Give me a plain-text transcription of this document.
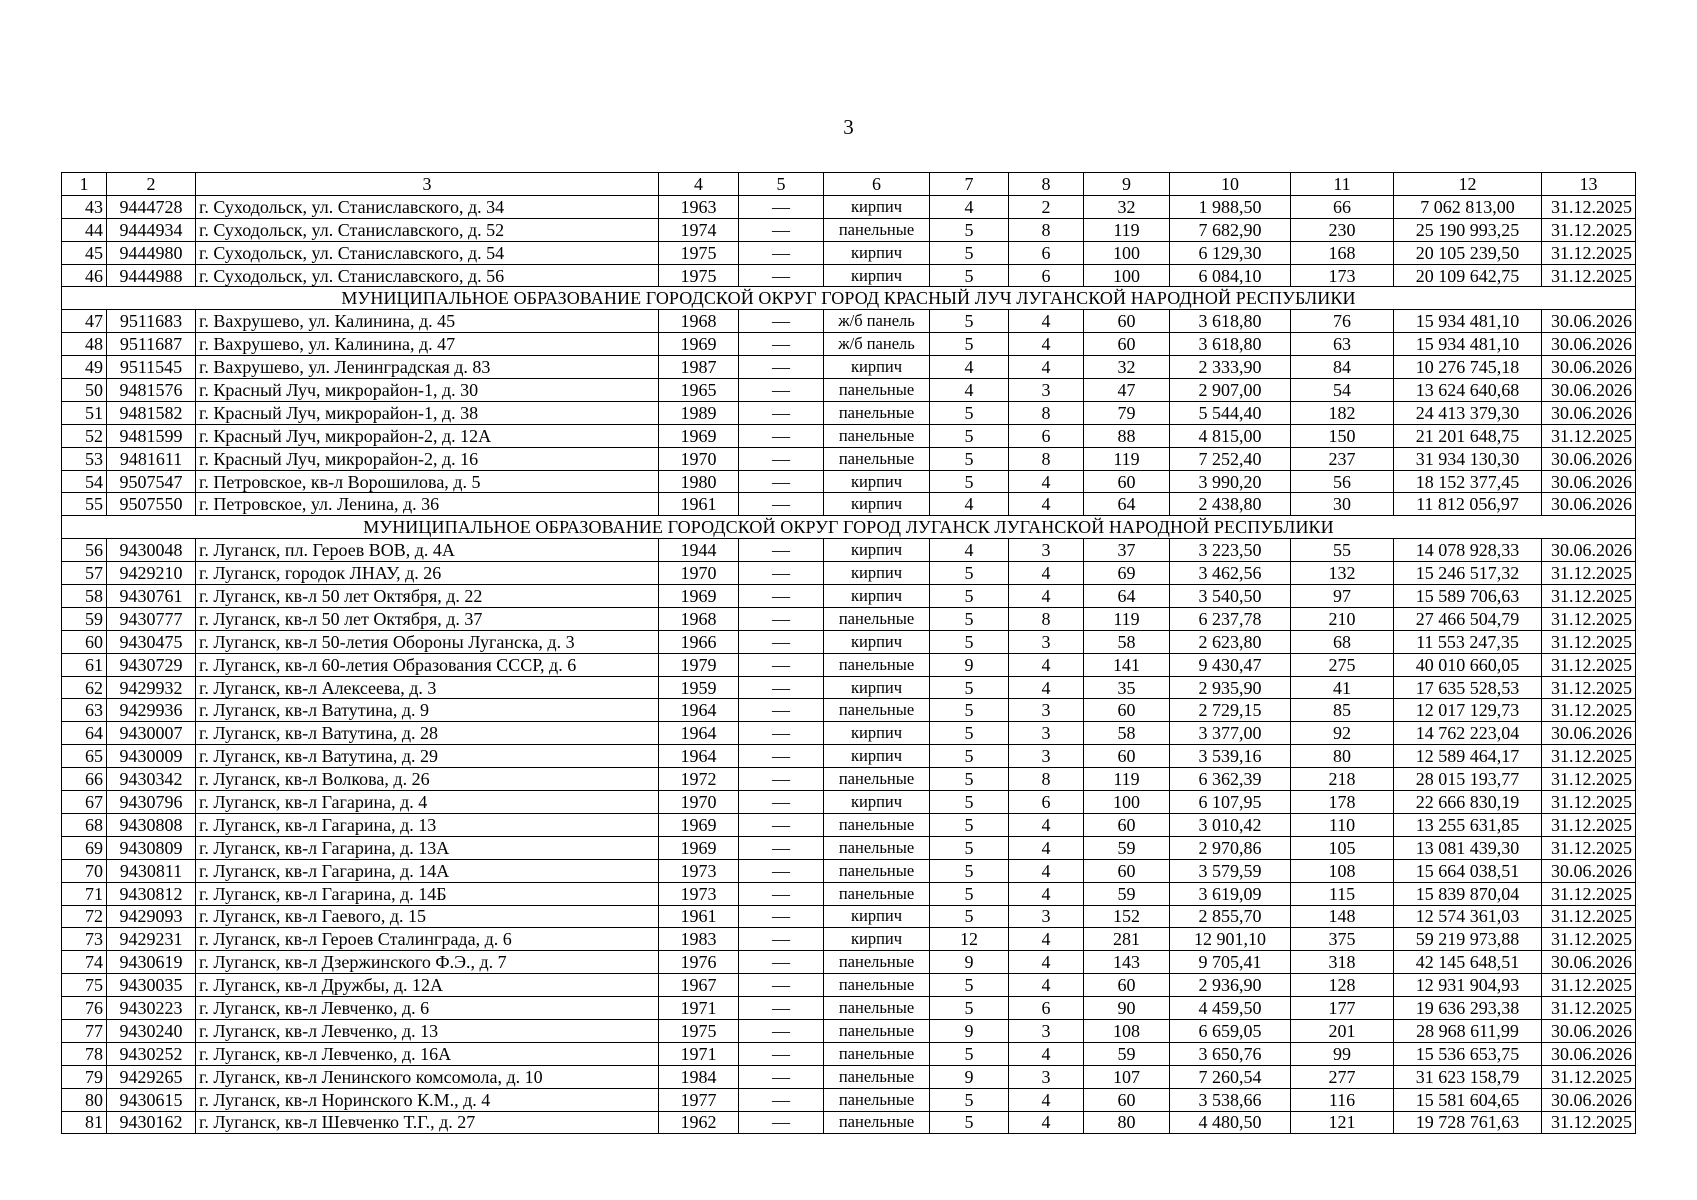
3
1	2	3	4	5	6	7	8	9	10	11	12	13
43	9444728	г. Суходольск, ул. Станиславского, д. 34	1963	—	кирпич	4	2	32	1 988,50	66	7 062 813,00	31.12.2025
44	9444934	г. Суходольск, ул. Станиславского, д. 52	1974	—	панельные	5	8	119	7 682,90	230	25 190 993,25	31.12.2025
45	9444980	г. Суходольск, ул. Станиславского, д. 54	1975	—	кирпич	5	6	100	6 129,30	168	20 105 239,50	31.12.2025
46	9444988	г. Суходольск, ул. Станиславского, д. 56	1975	—	кирпич	5	6	100	6 084,10	173	20 109 642,75	31.12.2025
МУНИЦИПАЛЬНОЕ ОБРАЗОВАНИЕ ГОРОДСКОЙ ОКРУГ ГОРОД КРАСНЫЙ ЛУЧ ЛУГАНСКОЙ НАРОДНОЙ РЕСПУБЛИКИ												
47	9511683	г. Вахрушево, ул. Калинина, д. 45	1968	—	ж/б панель	5	4	60	3 618,80	76	15 934 481,10	30.06.2026
48	9511687	г. Вахрушево, ул. Калинина, д. 47	1969	—	ж/б панель	5	4	60	3 618,80	63	15 934 481,10	30.06.2026
49	9511545	г. Вахрушево, ул. Ленинградская д. 83	1987	—	кирпич	4	4	32	2 333,90	84	10 276 745,18	30.06.2026
50	9481576	г. Красный Луч, микрорайон-1, д. 30	1965	—	панельные	4	3	47	2 907,00	54	13 624 640,68	30.06.2026
51	9481582	г. Красный Луч, микрорайон-1, д. 38	1989	—	панельные	5	8	79	5 544,40	182	24 413 379,30	30.06.2026
52	9481599	г. Красный Луч, микрорайон-2, д. 12А	1969	—	панельные	5	6	88	4 815,00	150	21 201 648,75	31.12.2025
53	9481611	г. Красный Луч, микрорайон-2, д. 16	1970	—	панельные	5	8	119	7 252,40	237	31 934 130,30	30.06.2026
54	9507547	г. Петровское, кв-л Ворошилова, д. 5	1980	—	кирпич	5	4	60	3 990,20	56	18 152 377,45	30.06.2026
55	9507550	г. Петровское, ул. Ленина, д. 36	1961	—	кирпич	4	4	64	2 438,80	30	11 812 056,97	30.06.2026
МУНИЦИПАЛЬНОЕ ОБРАЗОВАНИЕ ГОРОДСКОЙ ОКРУГ ГОРОД ЛУГАНСК ЛУГАНСКОЙ НАРОДНОЙ РЕСПУБЛИКИ												
56	9430048	г. Луганск, пл. Героев ВОВ, д. 4А	1944	—	кирпич	4	3	37	3 223,50	55	14 078 928,33	30.06.2026
57	9429210	г. Луганск, городок ЛНАУ, д. 26	1970	—	кирпич	5	4	69	3 462,56	132	15 246 517,32	31.12.2025
58	9430761	г. Луганск, кв-л 50 лет Октября, д. 22	1969	—	кирпич	5	4	64	3 540,50	97	15 589 706,63	31.12.2025
59	9430777	г. Луганск, кв-л 50 лет Октября, д. 37	1968	—	панельные	5	8	119	6 237,78	210	27 466 504,79	31.12.2025
60	9430475	г. Луганск, кв-л 50-летия Обороны Луганска, д. 3	1966	—	кирпич	5	3	58	2 623,80	68	11 553 247,35	31.12.2025
61	9430729	г. Луганск, кв-л 60-летия Образования СССР, д. 6	1979	—	панельные	9	4	141	9 430,47	275	40 010 660,05	31.12.2025
62	9429932	г. Луганск, кв-л Алексеева, д. 3	1959	—	кирпич	5	4	35	2 935,90	41	17 635 528,53	31.12.2025
63	9429936	г. Луганск, кв-л Ватутина, д. 9	1964	—	панельные	5	3	60	2 729,15	85	12 017 129,73	31.12.2025
64	9430007	г. Луганск, кв-л Ватутина, д. 28	1964	—	кирпич	5	3	58	3 377,00	92	14 762 223,04	30.06.2026
65	9430009	г. Луганск, кв-л Ватутина, д. 29	1964	—	кирпич	5	3	60	3 539,16	80	12 589 464,17	31.12.2025
66	9430342	г. Луганск, кв-л Волкова, д. 26	1972	—	панельные	5	8	119	6 362,39	218	28 015 193,77	31.12.2025
67	9430796	г. Луганск, кв-л Гагарина, д. 4	1970	—	кирпич	5	6	100	6 107,95	178	22 666 830,19	31.12.2025
68	9430808	г. Луганск, кв-л Гагарина, д. 13	1969	—	панельные	5	4	60	3 010,42	110	13 255 631,85	31.12.2025
69	9430809	г. Луганск, кв-л Гагарина, д. 13А	1969	—	панельные	5	4	59	2 970,86	105	13 081 439,30	31.12.2025
70	9430811	г. Луганск, кв-л Гагарина, д. 14А	1973	—	панельные	5	4	60	3 579,59	108	15 664 038,51	30.06.2026
71	9430812	г. Луганск, кв-л Гагарина, д. 14Б	1973	—	панельные	5	4	59	3 619,09	115	15 839 870,04	31.12.2025
72	9429093	г. Луганск, кв-л Гаевого, д. 15	1961	—	кирпич	5	3	152	2 855,70	148	12 574 361,03	31.12.2025
73	9429231	г. Луганск, кв-л Героев Сталинграда, д. 6	1983	—	кирпич	12	4	281	12 901,10	375	59 219 973,88	31.12.2025
74	9430619	г. Луганск, кв-л Дзержинского Ф.Э., д. 7	1976	—	панельные	9	4	143	9 705,41	318	42 145 648,51	30.06.2026
75	9430035	г. Луганск, кв-л Дружбы, д. 12А	1967	—	панельные	5	4	60	2 936,90	128	12 931 904,93	31.12.2025
76	9430223	г. Луганск, кв-л Левченко, д. 6	1971	—	панельные	5	6	90	4 459,50	177	19 636 293,38	31.12.2025
77	9430240	г. Луганск, кв-л Левченко, д. 13	1975	—	панельные	9	3	108	6 659,05	201	28 968 611,99	30.06.2026
78	9430252	г. Луганск, кв-л Левченко, д. 16А	1971	—	панельные	5	4	59	3 650,76	99	15 536 653,75	30.06.2026
79	9429265	г. Луганск, кв-л Ленинского комсомола, д. 10	1984	—	панельные	9	3	107	7 260,54	277	31 623 158,79	31.12.2025
80	9430615	г. Луганск, кв-л Норинского К.М., д. 4	1977	—	панельные	5	4	60	3 538,66	116	15 581 604,65	30.06.2026
81	9430162	г. Луганск, кв-л Шевченко Т.Г., д. 27	1962	—	панельные	5	4	80	4 480,50	121	19 728 761,63	31.12.2025
